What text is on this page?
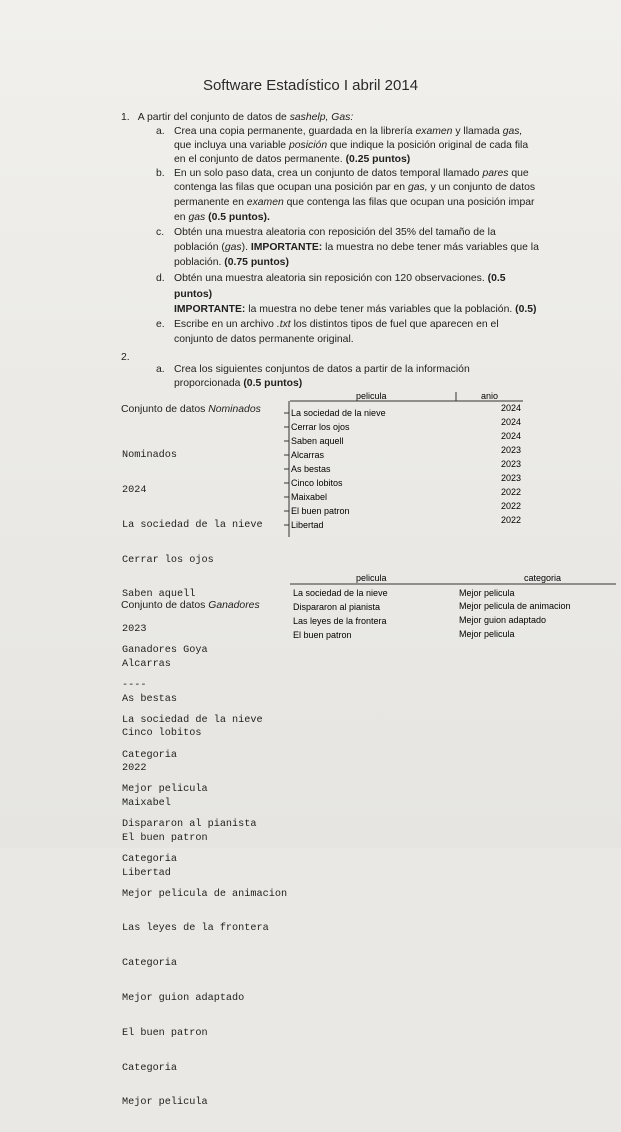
Software Estadístico I abril 2014
1. A partir del conjunto de datos de sashelp, Gas:
a. Crea una copia permanente, guardada en la librería examen y llamada gas,
que incluya una variable posición que indique la posición original de cada fila
en el conjunto de datos permanente. (0.25 puntos)
b. En un solo paso data, crea un conjunto de datos temporal llamado pares que
contenga las filas que ocupan una posición par en gas, y un conjunto de datos
permanente en examen que contenga las filas que ocupan una posición impar
en gas (0.5 puntos).
c. Obtén una muestra aleatoria con reposición del 35% del tamaño de la
población (gas). IMPORTANTE: la muestra no debe tener más variables que la
población. (0.75 puntos)
d. Obtén una muestra aleatoria sin reposición con 120 observaciones. (0.5
puntos)
IMPORTANTE: la muestra no debe tener más variables que la población. (0.5)
e. Escribe en un archivo .txt los distintos tipos de fuel que aparecen en el
conjunto de datos permanente original.
2.
a. Crea los siguientes conjuntos de datos a partir de la información
proporcionada (0.5 puntos)
Conjunto de datos Nominados

Nominados

2024

La sociedad de la nieve

Cerrar los ojos

Saben aquell

2023

Alcarras

As bestas

Cinco lobitos

2022

Maixabel

El buen patron

Libertad

pelicula	anio
La sociedad de la nieve	2024
Cerrar los ojos	2024
Saben aquell	2024
Alcarras	2023
As bestas	2023
Cinco lobitos	2023
Maixabel	2022
El buen patron	2022
Libertad	2022
Conjunto de datos Ganadores

Ganadores Goya

----

La sociedad de la nieve

Categoria

Mejor pelicula

Dispararon al pianista

Categoria

Mejor pelicula de animacion

Las leyes de la frontera

Categoria

Mejor guion adaptado

El buen patron

Categoria

Mejor pelicula

pelicula	categoria
La sociedad de la nieve	Mejor pelicula
Dispararon al pianista	Mejor pelicula de animacion
Las leyes de la frontera	Mejor guion adaptado
El buen patron	Mejor pelicula
